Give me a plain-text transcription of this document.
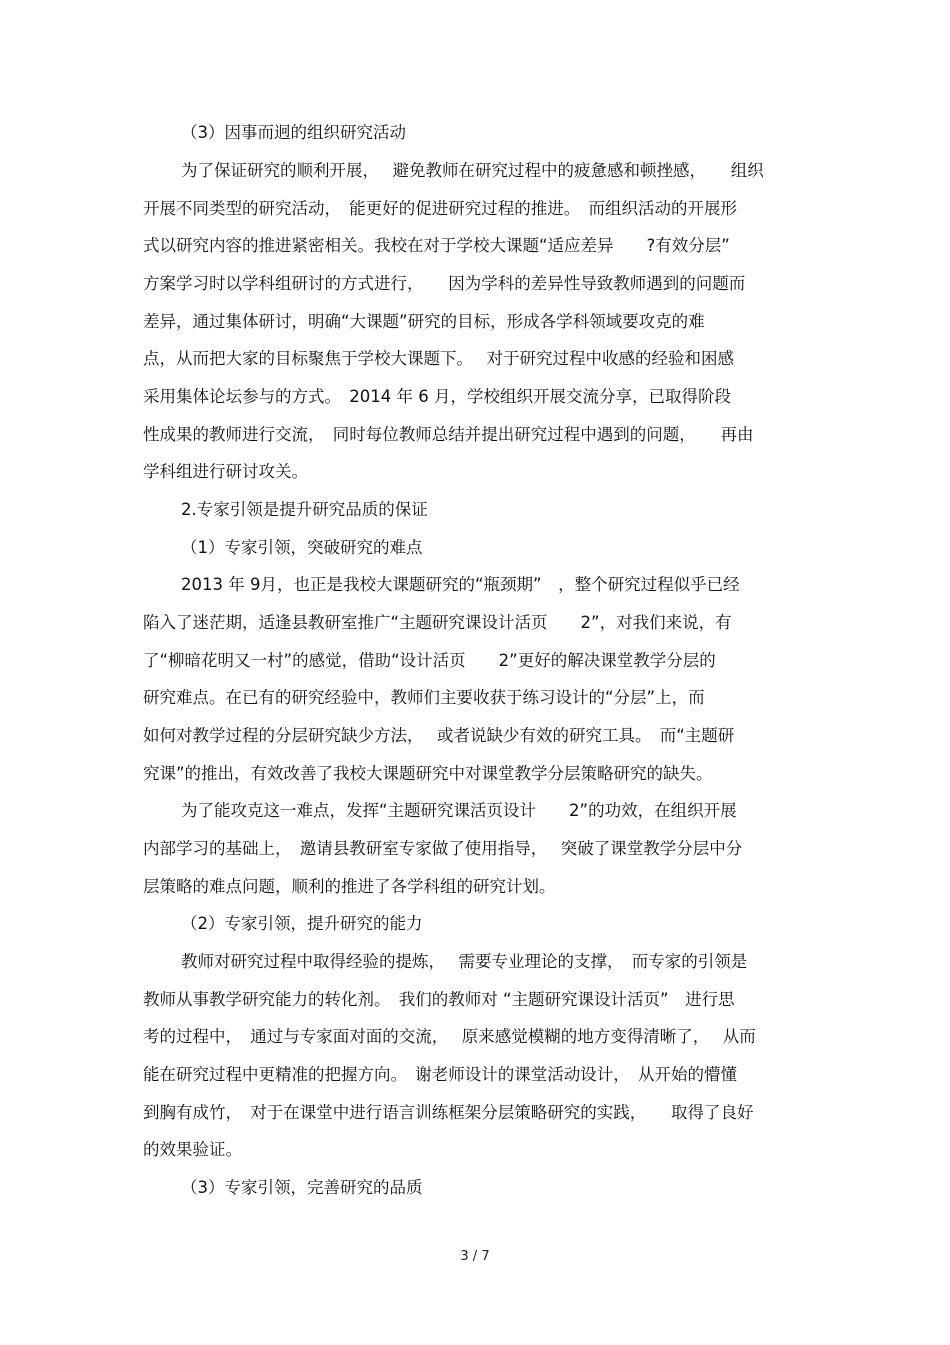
（3）因事而迥的组织研究活动
为了保证研究的顺利开展，　 避免教师在研究过程中的疲惫感和顿挫感，　　组织
开展不同类型的研究活动，　能更好的促进研究过程的推进。　而组织活动的开展形
式以研究内容的推进紧密相关。我校在对于学校大课题“适应差异　　?有效分层”
方案学习时以学科组研讨的方式进行，　　因为学科的差异性导致教师遇到的问题而
差异，通过集体研讨，明确“大课题”研究的目标，形成各学科领域要攻克的难
点，从而把大家的目标聚焦于学校大课题下。　 对于研究过程中收感的经验和困感
采用集体论坛参与的方式。　2014 年 6 月，学校组织开展交流分享，已取得阶段
性成果的教师进行交流，　同时每位教师总结并提出研究过程中遇到的问题，　　再由
学科组进行研讨攻关。
2.专家引领是提升研究品质的保证
（1）专家引领，突破研究的难点
2013 年 9月，也正是我校大课题研究的“瓶颈期”　，整个研究过程似乎已经
陷入了迷茫期，适逢县教研室推广“主题研究课设计活页　　2”，对我们来说，有
了“柳暗花明又一村”的感觉，借助“设计活页　　2”更好的解决课堂教学分层的
研究难点。在已有的研究经验中，教师们主要收获于练习设计的“分层”上，而
如何对教学过程的分层研究缺少方法，　 或者说缺少有效的研究工具。　而“主题研
究课”的推出，有效改善了我校大课题研究中对课堂教学分层策略研究的缺失。
为了能攻克这一难点，发挥“主题研究课活页设计　　2”的功效，在组织开展
内部学习的基础上，　邀请县教研室专家做了使用指导，　 突破了课堂教学分层中分
层策略的难点问题，顺利的推进了各学科组的研究计划。
（2）专家引领，提升研究的能力
教师对研究过程中取得经验的提炼，　 需要专业理论的支撑，　而专家的引领是
教师从事教学研究能力的转化剂。　我们的教师对 “主题研究课设计活页”　进行思
考的过程中，　通过与专家面对面的交流，　 原来感觉模糊的地方变得清晰了，　 从而
能在研究过程中更精准的把握方向。　谢老师设计的课堂活动设计，　从开始的懵懂
到胸有成竹，　对于在课堂中进行语言训练框架分层策略研究的实践，　　取得了良好
的效果验证。
（3）专家引领，完善研究的品质
3 / 7
